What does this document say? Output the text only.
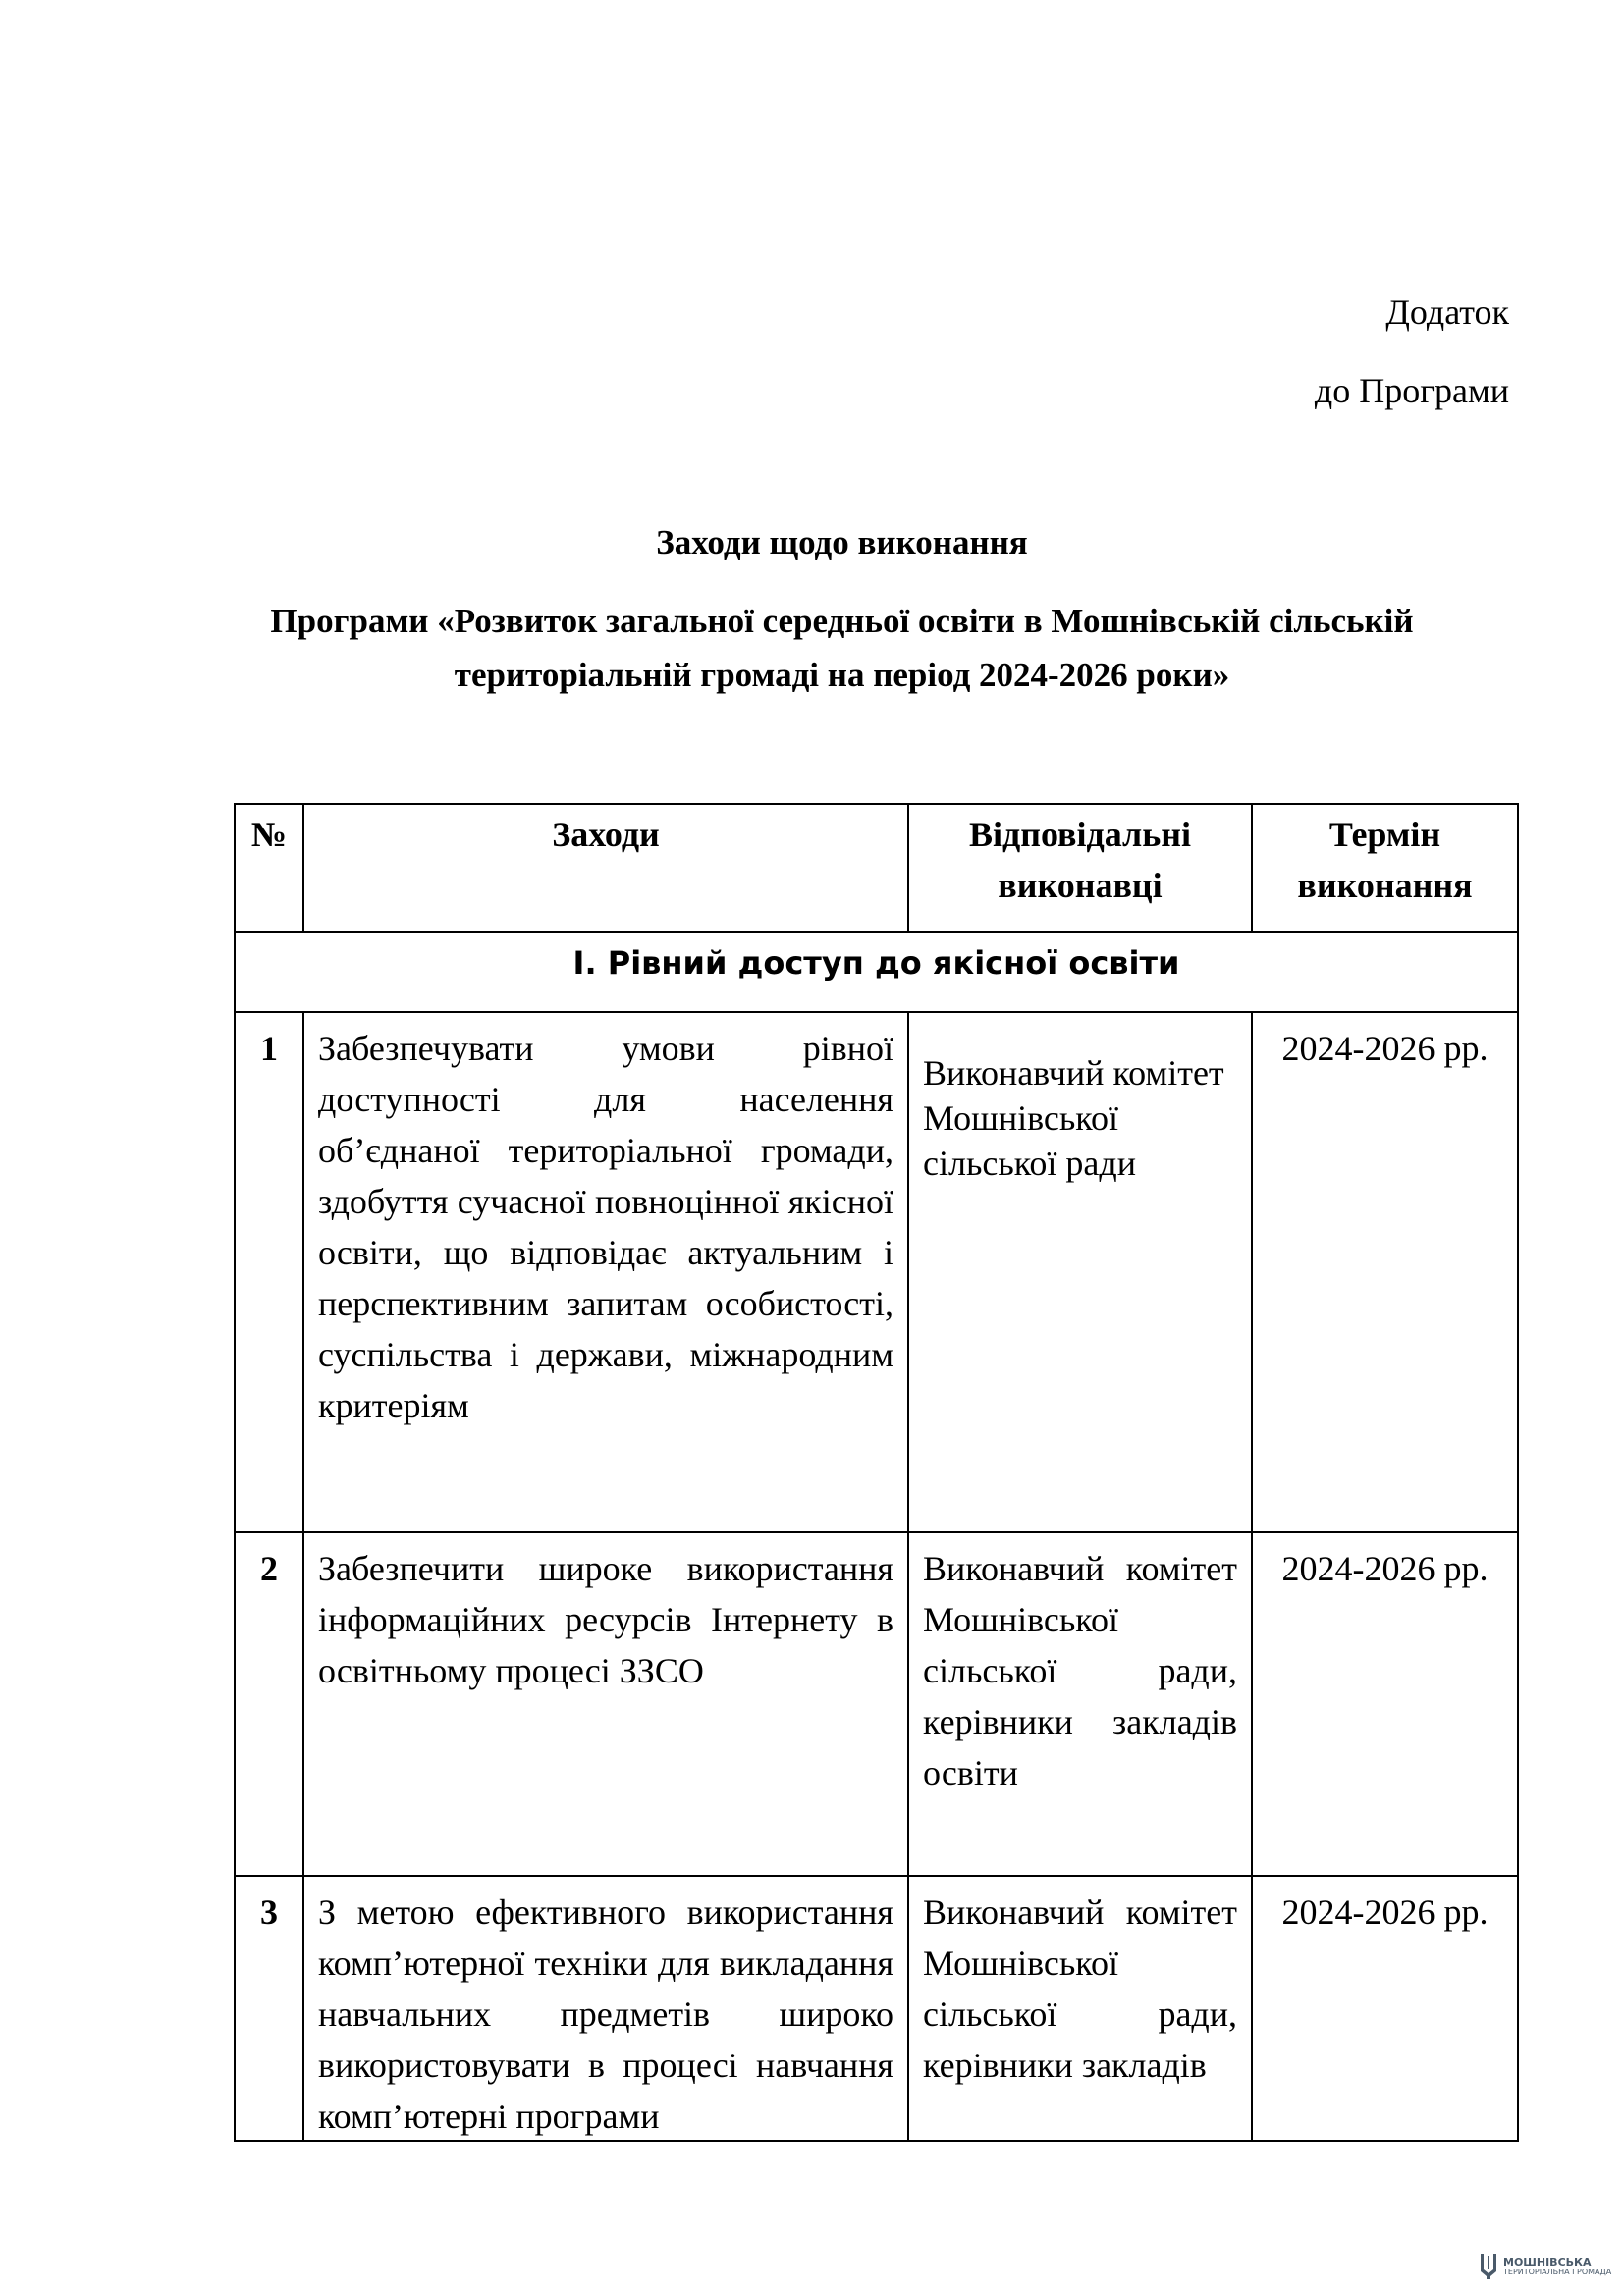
Додаток
до Програми
Заходи щодо виконання
Програми «Розвиток загальної середньої освіти в Мошнівській сільській територіальній громаді на період 2024-2026 роки»
№	Заходи	Відповідальні виконавці	Термін виконання
I. Рівний доступ до якісної освіти			
1	Забезпечувати умови рівної доступності для населення об’єднаної територіальної громади, здобуття сучасної повноцінної якісної освіти, що відповідає актуальним і перспективним запитам особистості, суспільства і держави, міжнародним критеріям	Виконавчий комітет Мошнівської сільської ради	2024-2026 рр.
2	Забезпечити широке використання інформаційних ресурсів Інтернету в освітньому процесі ЗЗСО	Виконавчий комітет Мошнівської сільської ради, керівники закладів освіти	2024-2026 рр.
3	З метою ефективного використання комп’ютерної техніки для викладання навчальних предметів широко використовувати в процесі навчання комп’ютерні програми	Виконавчий комітет Мошнівської сільської ради, керівники закладів	2024-2026 рр.
МОШНІВСЬКА
ТЕРИТОРІАЛЬНА ГРОМАДА
